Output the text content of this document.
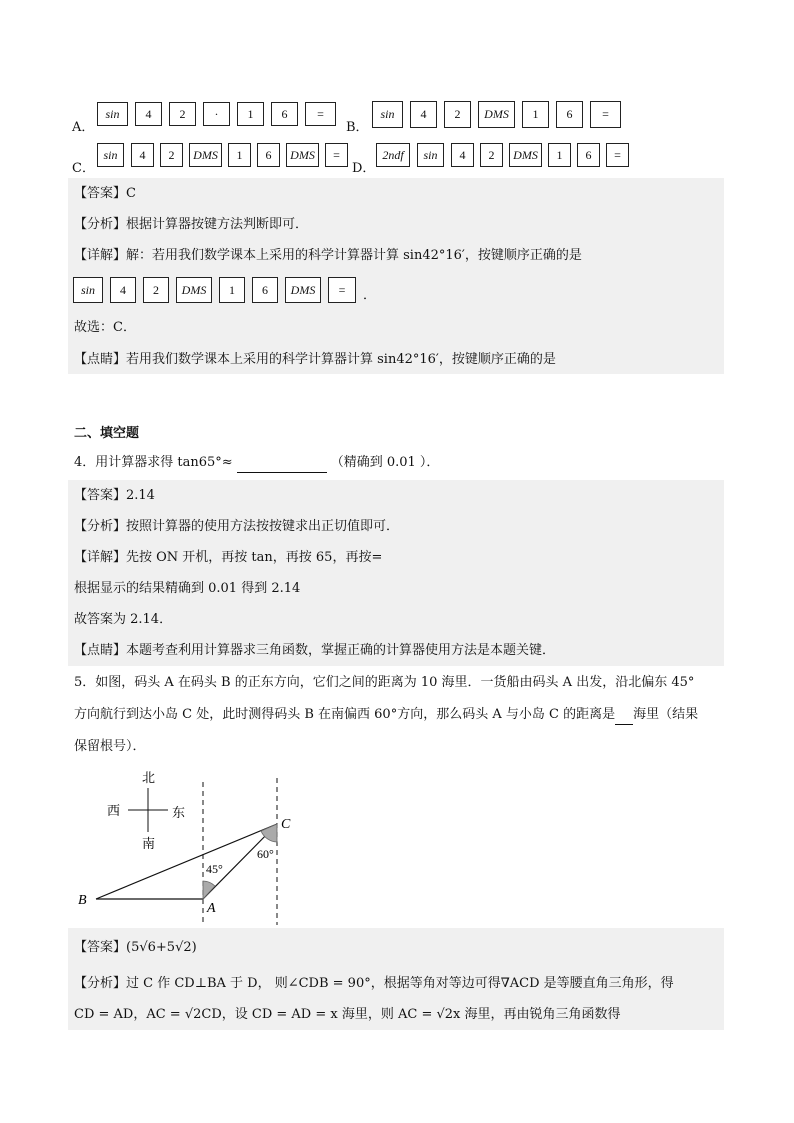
A．
sin 4 2 · 1 6 =
B．
sin 4 2 DMS 1 6 =
C．
sin 4 2 DMS 1 6 DMS =
D．
2ndf sin 4 2 DMS 1 6 =
【答案】C
【分析】根据计算器按键方法判断即可．
【详解】解：若用我们数学课本上采用的科学计算器计算 sin42°16′，按键顺序正确的是
sin 4 2 DMS 1 6 DMS = ．
故选：C．
【点睛】若用我们数学课本上采用的科学计算器计算 sin42°16′，按键顺序正确的是
二、填空题
4．用计算器求得 tan65°≈	（精确到 0.01 ）．
【答案】2.14
【分析】按照计算器的使用方法按按键求出正切值即可．
【详解】先按 ON 开机，再按 tan，再按 65，再按=
根据显示的结果精确到 0.01 得到 2.14
故答案为 2.14．
【点睛】本题考查利用计算器求三角函数，掌握正确的计算器使用方法是本题关键．
5．如图，码头 A 在码头 B 的正东方向，它们之间的距离为 10 海里．一货船由码头 A 出发，沿北偏东 45°
方向航行到达小岛 C 处，此时测得码头 B 在南偏西 60°方向，那么码头 A 与小岛 C 的距离是 海里（结果
保留根号）．
北
南
西	东
45°
60°
B
A
C
【答案】(5√6+5√2)
【分析】过 C 作 CD⊥BA 于 D， 则∠CDB = 90°，根据等角对等边可得∇ACD 是等腰直角三角形，得
CD = AD，AC = √2CD，设 CD = AD = x 海里，则 AC = √2x 海里，再由锐角三角函数得
